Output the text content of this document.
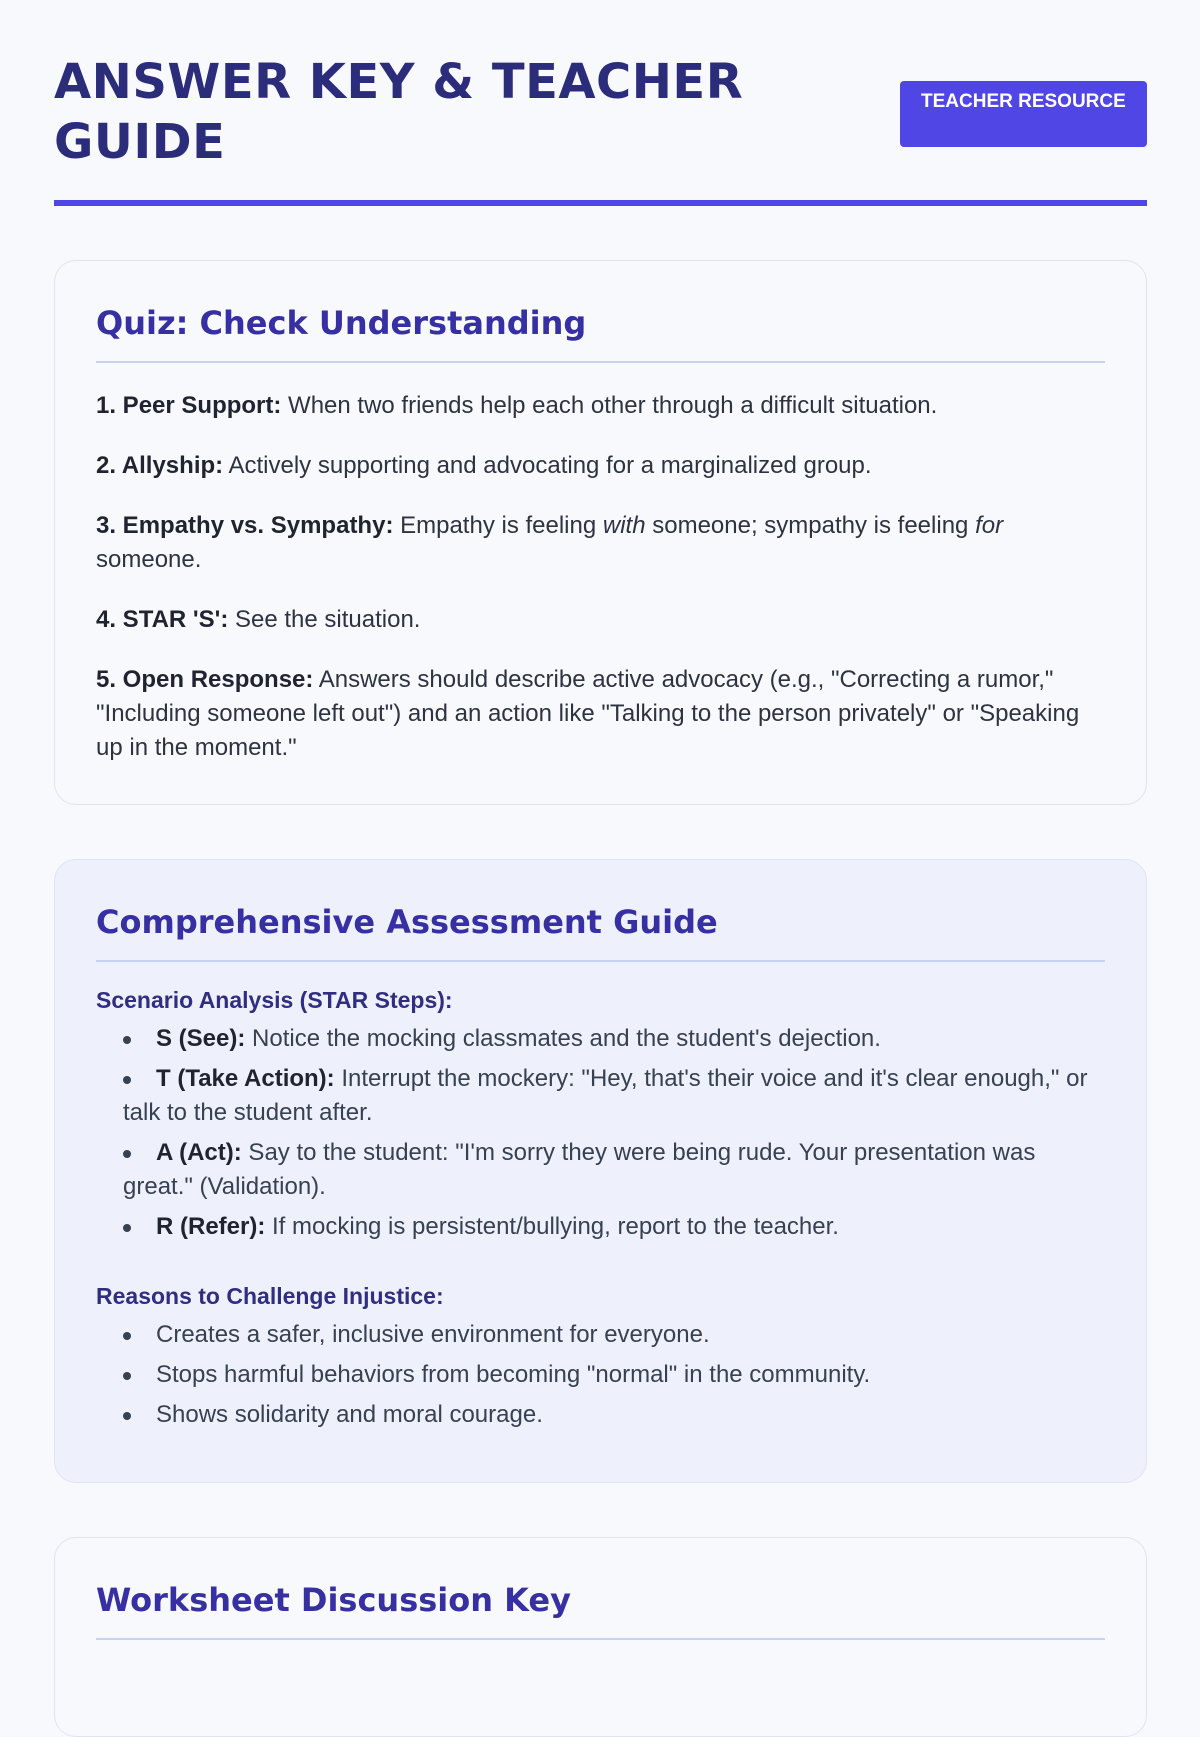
ANSWER KEY & TEACHER GUIDE
TEACHER RESOURCE
Quiz: Check Understanding

1. Peer Support: When two friends help each other through a difficult situation.

2. Allyship: Actively supporting and advocating for a marginalized group.

3. Empathy vs. Sympathy: Empathy is feeling with someone; sympathy is feeling for someone.

4. STAR 'S': See the situation.

5. Open Response: Answers should describe active advocacy (e.g., "Correcting a rumor," "Including someone left out") and an action like "Talking to the person privately" or "Speaking up in the moment."

Comprehensive Assessment Guide
Scenario Analysis (STAR Steps):
S (See): Notice the mocking classmates and the student's dejection.
T (Take Action): Interrupt the mockery: "Hey, that's their voice and it's clear enough," or talk to the student after.
A (Act): Say to the student: "I'm sorry they were being rude. Your presentation was great." (Validation).
R (Refer): If mocking is persistent/bullying, report to the teacher.
Reasons to Challenge Injustice:
Creates a safer, inclusive environment for everyone.
Stops harmful behaviors from becoming "normal" in the community.
Shows solidarity and moral courage.
Worksheet Discussion Key
